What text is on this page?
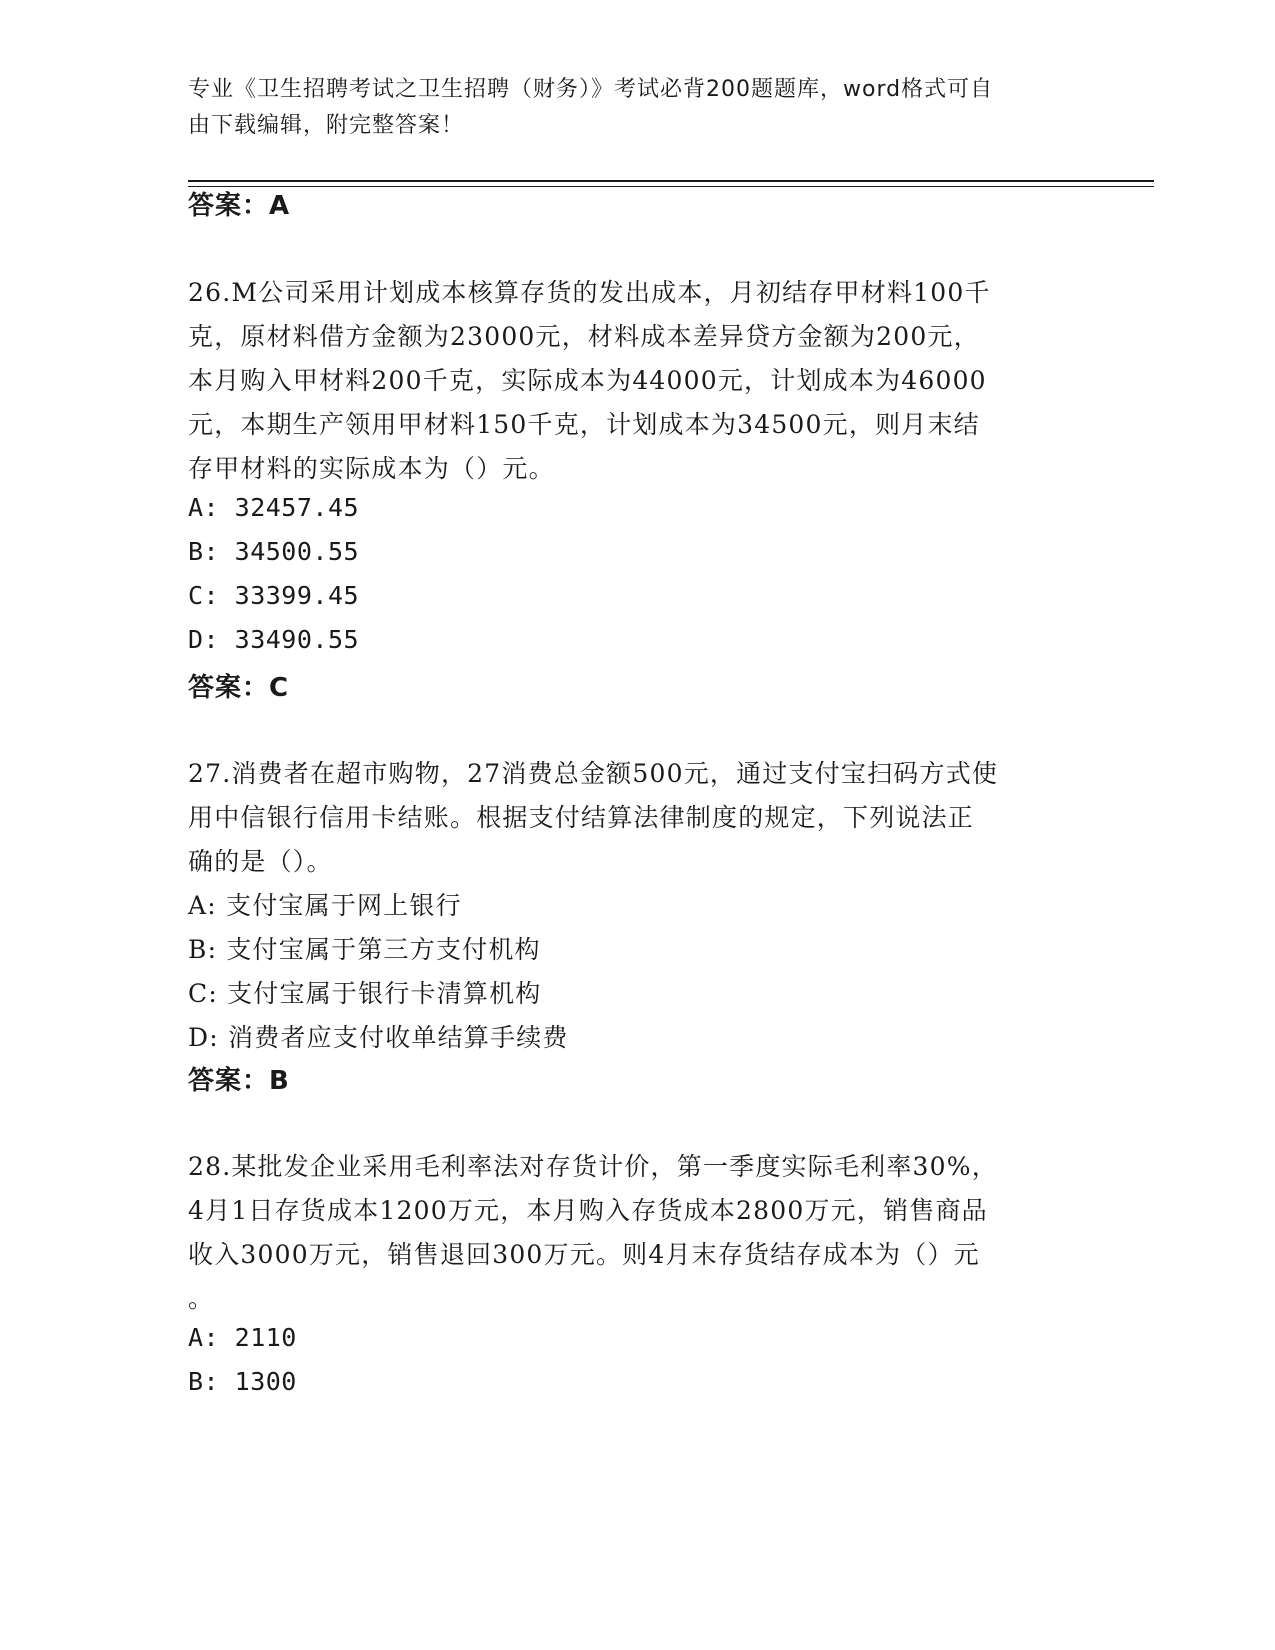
专业《卫生招聘考试之卫生招聘（财务）》考试必背200题题库，word格式可自
由下载编辑，附完整答案！
答案：A
26.M公司采用计划成本核算存货的发出成本，月初结存甲材料100千
克，原材料借方金额为23000元，材料成本差异贷方金额为200元，
本月购入甲材料200千克，实际成本为44000元，计划成本为46000
元，本期生产领用甲材料150千克，计划成本为34500元，则月末结
存甲材料的实际成本为（）元。
A: 32457.45
B: 34500.55
C: 33399.45
D: 33490.55
答案：C
27.消费者在超市购物，27消费总金额500元，通过支付宝扫码方式使
用中信银行信用卡结账。根据支付结算法律制度的规定，下列说法正
确的是（）。
A: 支付宝属于网上银行
B: 支付宝属于第三方支付机构
C: 支付宝属于银行卡清算机构
D: 消费者应支付收单结算手续费
答案：B
28.某批发企业采用毛利率法对存货计价，第一季度实际毛利率30%，
4月1日存货成本1200万元，本月购入存货成本2800万元，销售商品
收入3000万元，销售退回300万元。则4月末存货结存成本为（）元
。
A: 2110
B: 1300
